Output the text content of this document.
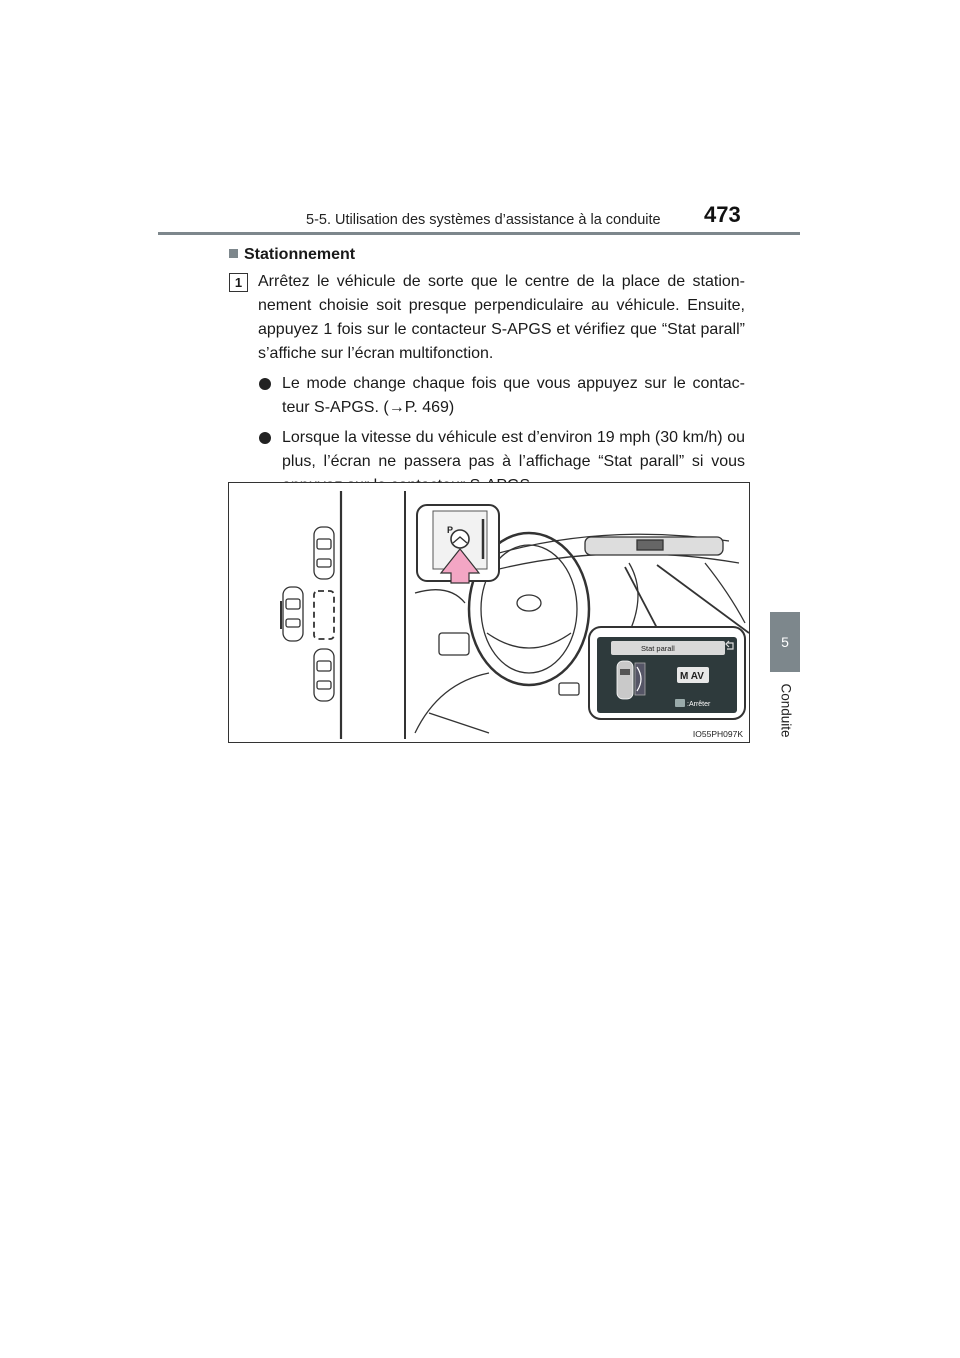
5-5. Utilisation des systèmes d’assistance à la conduite 473
5
Conduite
Stationnement
1 Arrêtez le véhicule de sorte que le centre de la place de station-nement choisie soit presque perpendiculaire au véhicule. Ensuite, appuyez 1 fois sur le contacteur S-APGS et vérifiez que “Stat parall” s’affiche sur l’écran multifonction.

Le mode change chaque fois que vous appuyez sur le contac-teur S-APGS. (→P. 469)

Lorsque la vitesse du véhicule est d’environ 19 mph (30 km/h) ou plus, l’écran ne passera pas à l’affichage “Stat parall” si vous

P
Stat parall
M AV
:Arrêter
IO55PH097K
